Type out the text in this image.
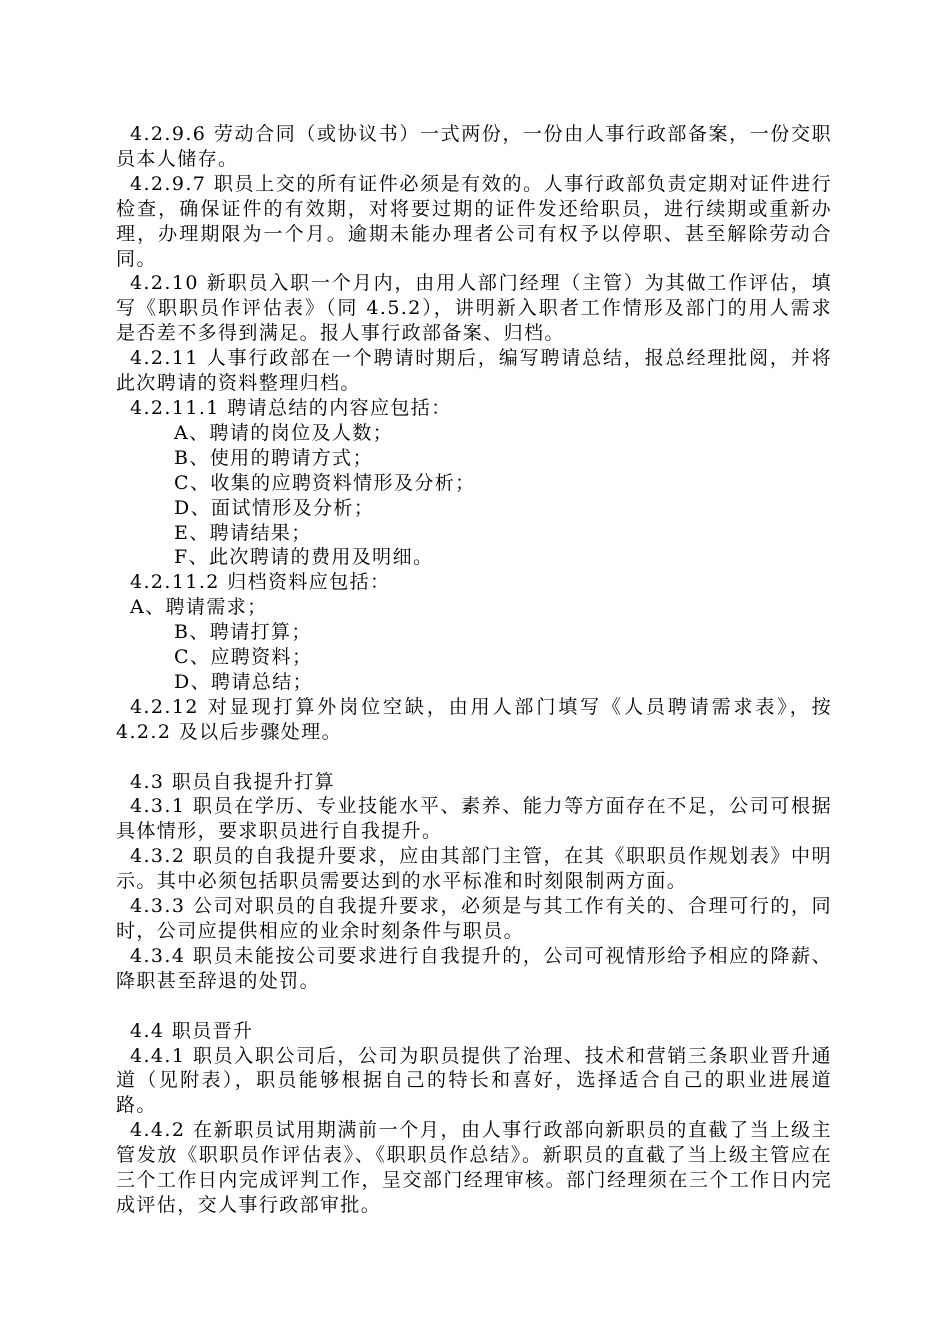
4.2.9.6 劳动合同（或协议书）一式两份，一份由人事行政部备案，一份交职员本人储存。

4.2.9.7 职员上交的所有证件必须是有效的。人事行政部负责定期对证件进行检查，确保证件的有效期，对将要过期的证件发还给职员，进行续期或重新办理，办理期限为一个月。逾期未能办理者公司有权予以停职、甚至解除劳动合同。

4.2.10 新职员入职一个月内，由用人部门经理（主管）为其做工作评估，填写《职职员作评估表》（同 4.5.2），讲明新入职者工作情形及部门的用人需求是否差不多得到满足。报人事行政部备案、归档。

4.2.11 人事行政部在一个聘请时期后，编写聘请总结，报总经理批阅，并将此次聘请的资料整理归档。

4.2.11.1 聘请总结的内容应包括：

A、聘请的岗位及人数；

B、使用的聘请方式；

C、收集的应聘资料情形及分析；

D、面试情形及分析；

E、聘请结果；

F、此次聘请的费用及明细。

4.2.11.2 归档资料应包括：

A、聘请需求；

B、聘请打算；

C、应聘资料；

D、聘请总结；

4.2.12 对显现打算外岗位空缺，由用人部门填写《人员聘请需求表》，按 4.2.2 及以后步骤处理。

4.3 职员自我提升打算

4.3.1 职员在学历、专业技能水平、素养、能力等方面存在不足，公司可根据具体情形，要求职员进行自我提升。

4.3.2 职员的自我提升要求，应由其部门主管，在其《职职员作规划表》中明示。其中必须包括职员需要达到的水平标准和时刻限制两方面。

4.3.3 公司对职员的自我提升要求，必须是与其工作有关的、合理可行的，同时，公司应提供相应的业余时刻条件与职员。

4.3.4 职员未能按公司要求进行自我提升的，公司可视情形给予相应的降薪、降职甚至辞退的处罚。

4.4 职员晋升

4.4.1 职员入职公司后，公司为职员提供了治理、技术和营销三条职业晋升通道（见附表），职员能够根据自己的特长和喜好，选择适合自己的职业进展道路。

4.4.2 在新职员试用期满前一个月，由人事行政部向新职员的直截了当上级主管发放《职职员作评估表》、《职职员作总结》。新职员的直截了当上级主管应在三个工作日内完成评判工作，呈交部门经理审核。部门经理须在三个工作日内完成评估，交人事行政部审批。
